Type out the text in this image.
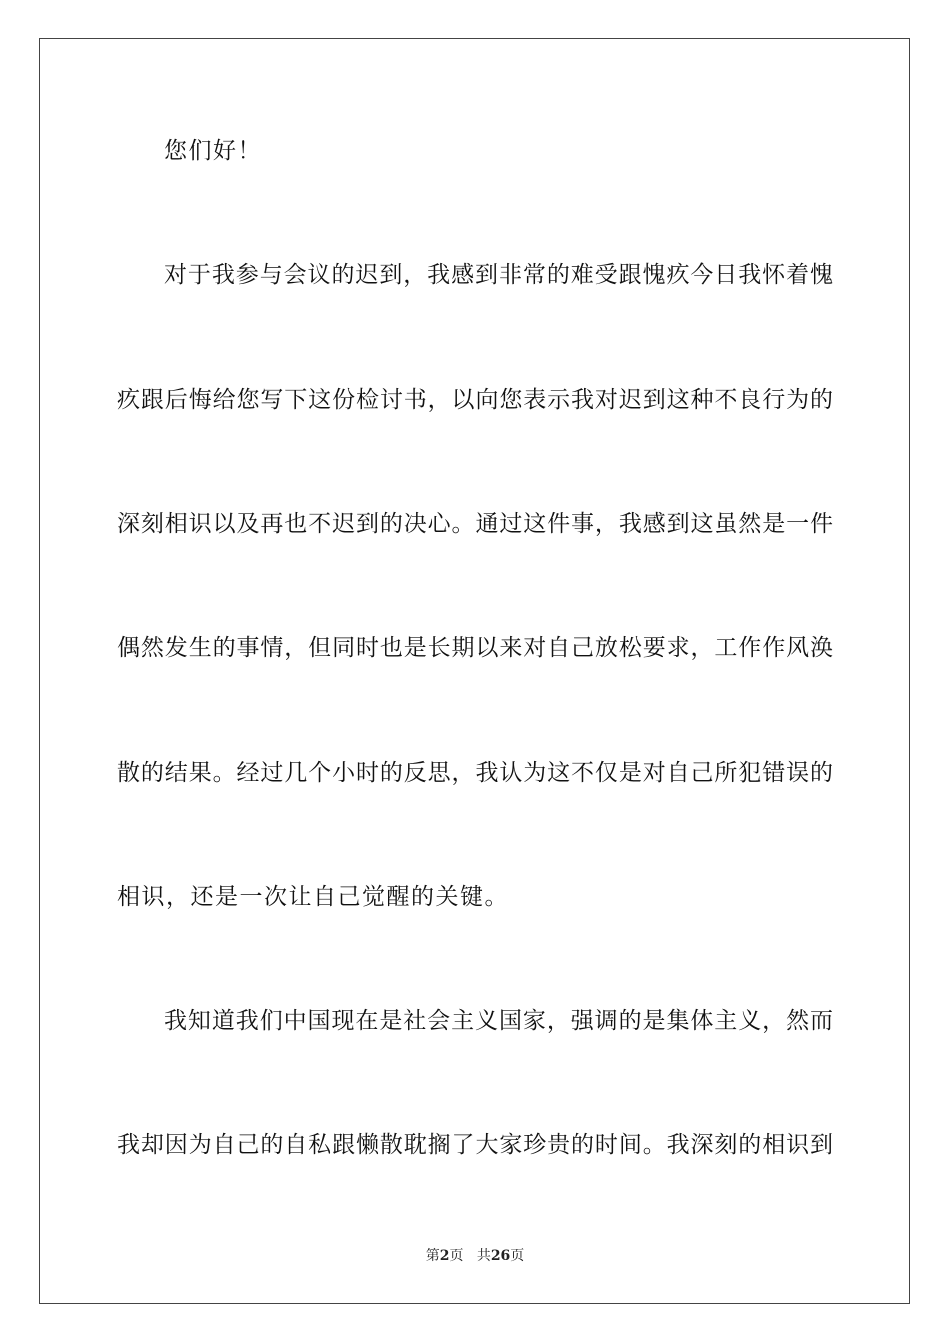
您们好！
对于我参与会议的迟到，我感到非常的难受跟愧疚今日我怀着愧
疚跟后悔给您写下这份检讨书，以向您表示我对迟到这种不良行为的
深刻相识以及再也不迟到的决心。通过这件事，我感到这虽然是一件
偶然发生的事情，但同时也是长期以来对自己放松要求，工作作风涣
散的结果。经过几个小时的反思，我认为这不仅是对自己所犯错误的
相识，还是一次让自己觉醒的关键。
我知道我们中国现在是社会主义国家，强调的是集体主义，然而
我却因为自己的自私跟懒散耽搁了大家珍贵的时间。我深刻的相识到
第2页 共26页
